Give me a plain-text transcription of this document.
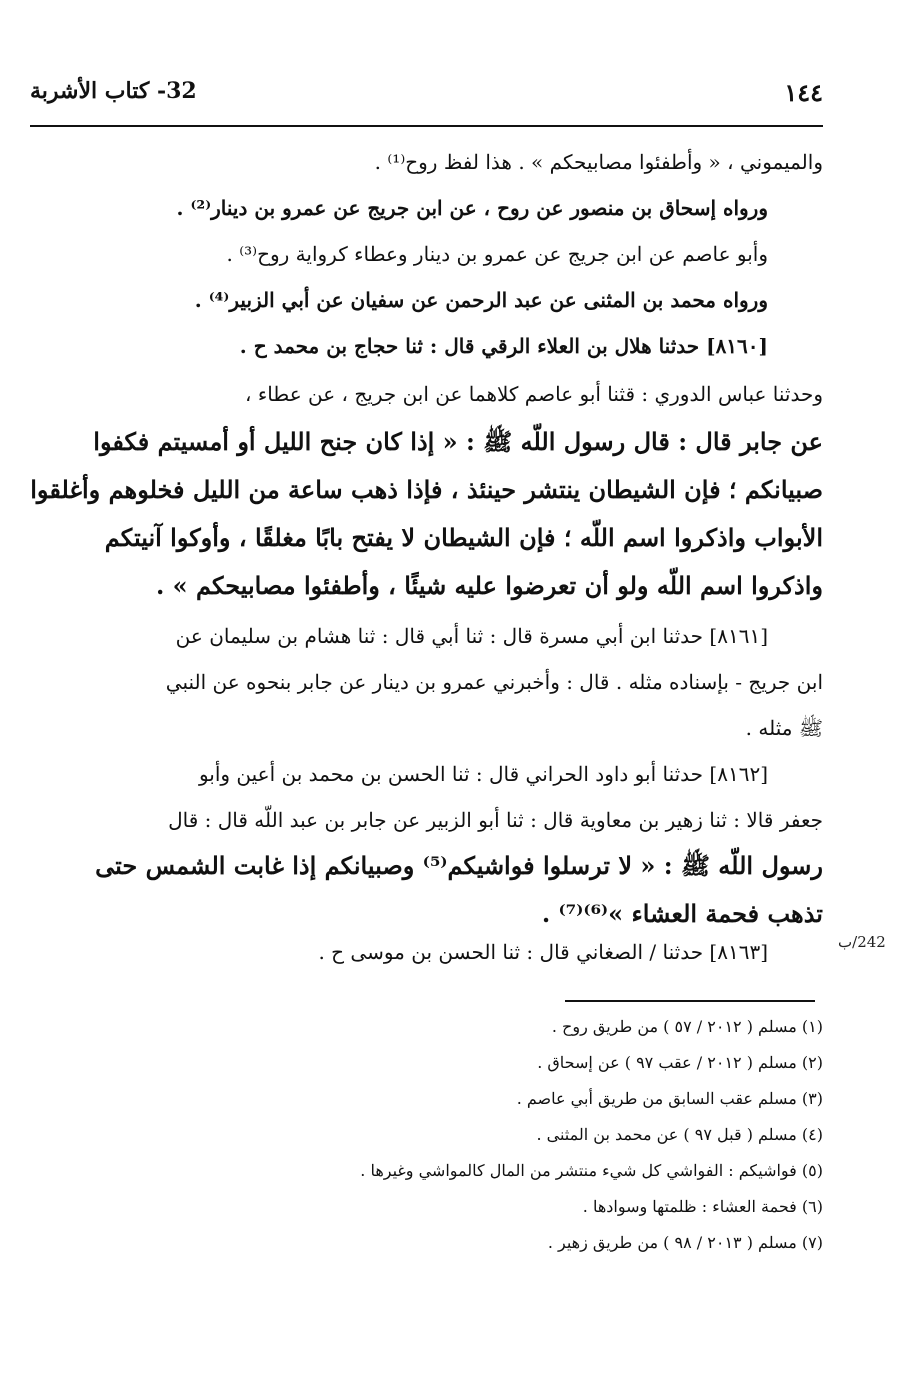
32- كتاب الأشربة	١٤٤
والميموني ، « وأطفئوا مصابيحكم » . هذا لفظ روح⁽¹⁾ .
ورواه إسحاق بن منصور عن روح ، عن ابن جريج عن عمرو بن دينار⁽²⁾ .
وأبو عاصم عن ابن جريج عن عمرو بن دينار وعطاء كرواية روح⁽³⁾ .
ورواه محمد بن المثنى عن عبد الرحمن عن سفيان عن أبي الزبير⁽⁴⁾ .
[٨١٦٠] حدثنا هلال بن العلاء الرقي قال : ثنا حجاج بن محمد ح .
وحدثنا عباس الدوري : قثنا أبو عاصم كلاهما عن ابن جريج ، عن عطاء ،
عن جابر قال : قال رسول اللّه ﷺ : « إذا كان جنح الليل أو أمسيتم فكفوا
صبيانكم ؛ فإن الشيطان ينتشر حينئذ ، فإذا ذهب ساعة من الليل فخلوهم وأغلقوا
الأبواب واذكروا اسم اللّه ؛ فإن الشيطان لا يفتح بابًا مغلقًا ، وأوكوا آنيتكم
واذكروا اسم اللّه ولو أن تعرضوا عليه شيئًا ، وأطفئوا مصابيحكم » .
[٨١٦١] حدثنا ابن أبي مسرة قال : ثنا أبي قال : ثنا هشام بن سليمان عن
ابن جريج - بإسناده مثله . قال : وأخبرني عمرو بن دينار عن جابر بنحوه عن النبي
ﷺ مثله .
[٨١٦٢] حدثنا أبو داود الحراني قال : ثنا الحسن بن محمد بن أعين وأبو
جعفر قالا : ثنا زهير بن معاوية قال : ثنا أبو الزبير عن جابر بن عبد اللّه قال : قال
رسول اللّه ﷺ : « لا ترسلوا فواشيكم⁽⁵⁾ وصبيانكم إذا غابت الشمس حتى
تذهب فحمة العشاء »⁽⁶⁾⁽⁷⁾ .
[٨١٦٣] حدثنا / الصغاني قال : ثنا الحسن بن موسى ح .	242/ب
(١) مسلم ( ٢٠١٢ / ٥٧ ) من طريق روح .
(٢) مسلم ( ٢٠١٢ / عقب ٩٧ ) عن إسحاق .
(٣) مسلم عقب السابق من طريق أبي عاصم .
(٤) مسلم ( قبل ٩٧ ) عن محمد بن المثنى .
(٥) فواشيكم : الفواشي كل شيء منتشر من المال كالمواشي وغيرها .
(٦) فحمة العشاء : ظلمتها وسوادها .
(٧) مسلم ( ٢٠١٣ / ٩٨ ) من طريق زهير .
